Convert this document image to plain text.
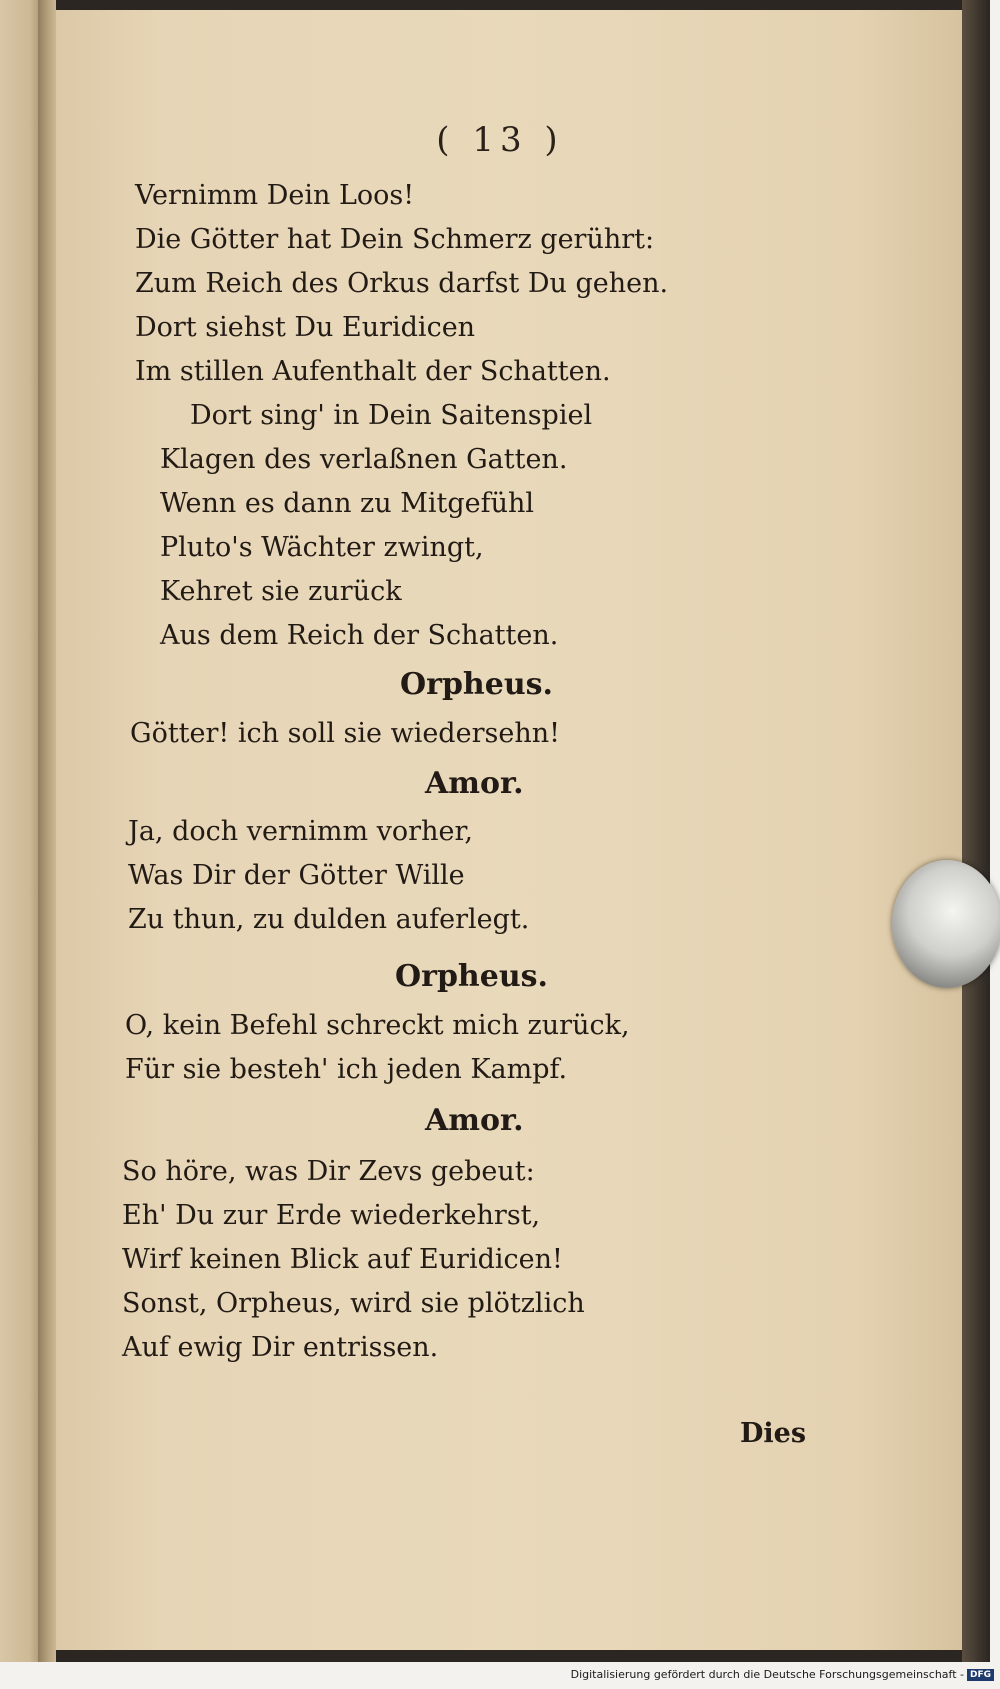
( 13 )
Vernimm Dein Loos!
Die Götter hat Dein Schmerz gerührt:
Zum Reich des Orkus darfst Du gehen.
Dort siehst Du Euridicen
Im stillen Aufenthalt der Schatten.
Dort sing' in Dein Saitenspiel
Klagen des verlaßnen Gatten.
Wenn es dann zu Mitgefühl
Pluto's Wächter zwingt,
Kehret sie zurück
Aus dem Reich der Schatten.
Orpheus.
Götter! ich soll sie wiedersehn!
Amor.
Ja, doch vernimm vorher,
Was Dir der Götter Wille
Zu thun, zu dulden auferlegt.
Orpheus.
O, kein Befehl schreckt mich zurück,
Für sie besteh' ich jeden Kampf.
Amor.
So höre, was Dir Zevs gebeut:
Eh' Du zur Erde wiederkehrst,
Wirf keinen Blick auf Euridicen!
Sonst, Orpheus, wird sie plötzlich
Auf ewig Dir entrissen.
Dies
Digitalisierung gefördert durch die Deutsche Forschungsgemeinschaft - DFG
